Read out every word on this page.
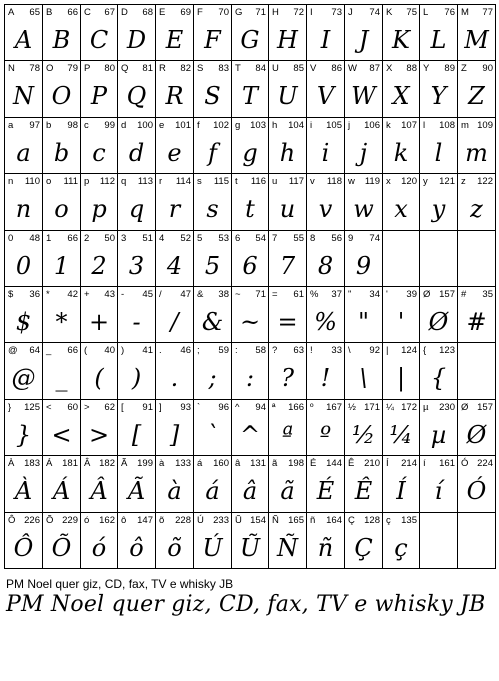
A 65
A
B 66
B
C 67
C
D 68
D
E 69
E
F 70
F
G 71
G
H 72
H
I 73
I
J 74
J
K 75
K
L 76
L
M 77
M
N 78
N
O 79
O
P 80
P
Q 81
Q
R 82
R
S 83
S
T 84
T
U 85
U
V 86
V
W 87
W
X 88
X
Y 89
Y
Z 90
Z
a 97
a
b 98
b
c 99
c
d 100
d
e 101
e
f 102
f
g 103
g
h 104
h
i 105
i
j 106
j
k 107
k
l 108
l
m 109
m
n 110
n
o 111
o
p 112
p
q 113
q
r 114
r
s 115
s
t 116
t
u 117
u
v 118
v
w 119
w
x 120
x
y 121
y
z 122
z
0 48
0
1 66
1
2 50
2
3 51
3
4 52
4
5 53
5
6 54
6
7 55
7
8 56
8
9 74
9
$ 36
$
* 42
*
+ 43
+
- 45
-
/ 47
/
& 38
&
~ 71
~
= 61
=
% 37
%
" 34
"
' 39
'
Ø 157
Ø
# 35
#
@ 64
@
_ 66
_
( 40
(
) 41
)
. 46
.
; 59
;
: 58
:
? 63
?
! 33
!
\ 92
\
| 124
|
{ 123
{
} 125
}
< 60
<
> 62
>
[ 91
[
] 93
]
` 96
`
^ 94
^
ª 166
ª
º 167
º
½ 171
½
¼ 172
¼
µ 230
µ
Ø 157
Ø
À 183
À
Á 181
Á
Â 182
Â
Ã 199
Ã
à 133
à
á 160
á
â 131
â
ã 198
ã
É 144
É
Ê 210
Ê
Í 214
Í
í 161
í
Ó 224
Ó
Ô 226
Ô
Õ 229
Õ
ó 162
ó
ô 147
ô
õ 228
õ
Ú 233
Ú
Ũ 154
Ũ
Ñ 165
Ñ
ñ 164
ñ
Ç 128
Ç
ç 135
ç
PM Noel quer giz, CD, fax, TV e whisky JB
PM Noel quer giz, CD, fax, TV e whisky JB
